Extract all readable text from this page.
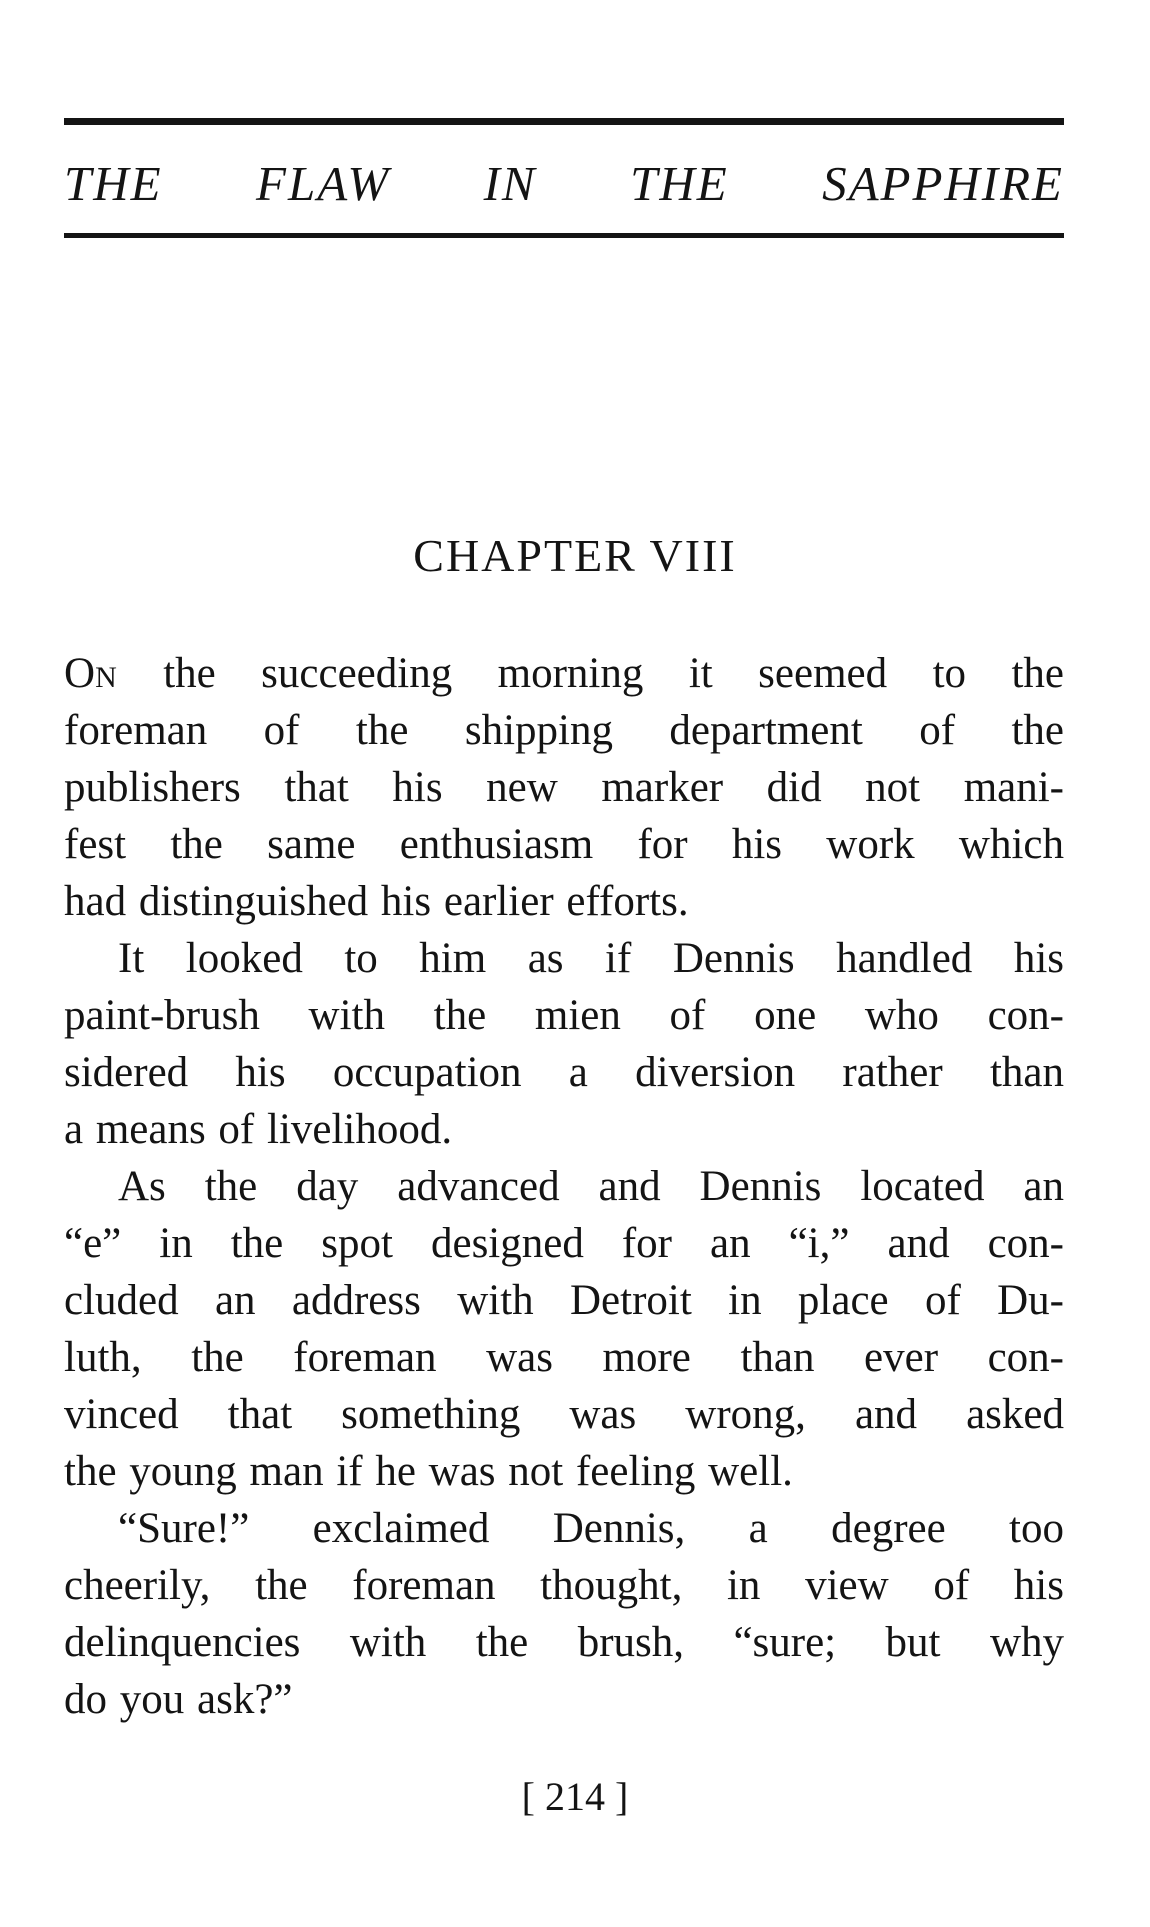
THE FLAW IN THE SAPPHIRE
CHAPTER VIII
ON the succeeding morning it seemed to the
foreman of the shipping department of the
publishers that his new marker did not mani-
fest the same enthusiasm for his work which
had distinguished his earlier efforts.
It looked to him as if Dennis handled his
paint-brush with the mien of one who con-
sidered his occupation a diversion rather than
a means of livelihood.
As the day advanced and Dennis located an
“e” in the spot designed for an “i,” and con-
cluded an address with Detroit in place of Du-
luth, the foreman was more than ever con-
vinced that something was wrong, and asked
the young man if he was not feeling well.
“Sure!” exclaimed Dennis, a degree too
cheerily, the foreman thought, in view of his
delinquencies with the brush, “sure; but why
do you ask?”
[ 214 ]
